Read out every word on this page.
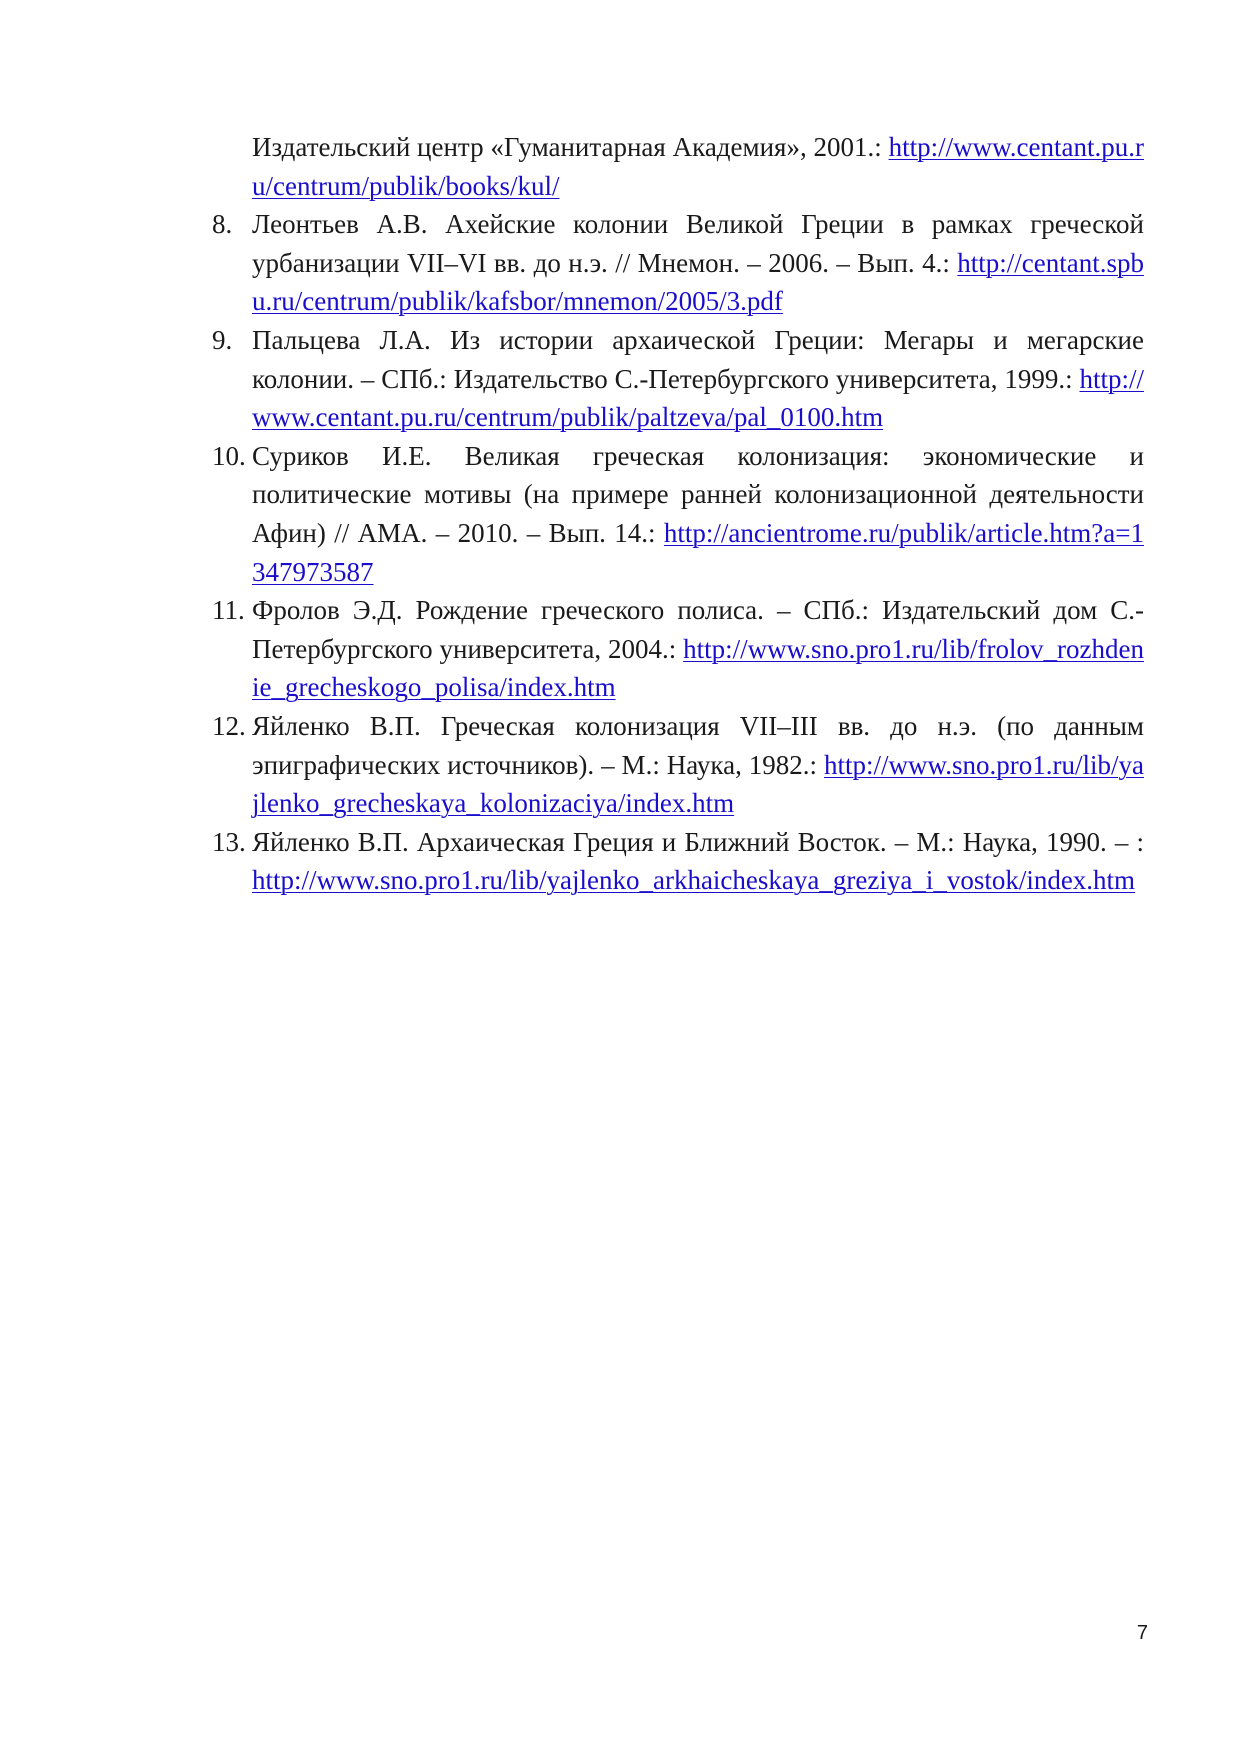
Издательский центр «Гуманитарная Академия», 2001.: http://www.centant.pu.ru/centrum/publik/books/kul/
8. Леонтьев А.В. Ахейские колонии Великой Греции в рамках греческой урбанизации VII–VI вв. до н.э. // Мнемон. – 2006. – Вып. 4.: http://centant.spbu.ru/centrum/publik/kafsbor/mnemon/2005/3.pdf
9. Пальцева Л.А. Из истории архаической Греции: Мегары и мегарские колонии. – СПб.: Издательство С.-Петербургского университета, 1999.: http://www.centant.pu.ru/centrum/publik/paltzeva/pal_0100.htm
10. Суриков И.Е. Великая греческая колонизация: экономические и политические мотивы (на примере ранней колонизационной деятельности Афин) // АМА. – 2010. – Вып. 14.: http://ancientrome.ru/publik/article.htm?a=1347973587
11. Фролов Э.Д. Рождение греческого полиса. – СПб.: Издательский дом С.-Петербургского университета, 2004.: http://www.sno.pro1.ru/lib/frolov_rozhdenie_grecheskogo_polisa/index.htm
12. Яйленко В.П. Греческая колонизация VII–III вв. до н.э. (по данным эпиграфических источников). – М.: Наука, 1982.: http://www.sno.pro1.ru/lib/yajlenko_grecheskaya_kolonizaciya/index.htm
13. Яйленко В.П. Архаическая Греция и Ближний Восток. – М.: Наука, 1990. – : http://www.sno.pro1.ru/lib/yajlenko_arkhaicheskaya_greziya_i_vostok/index.htm
7
